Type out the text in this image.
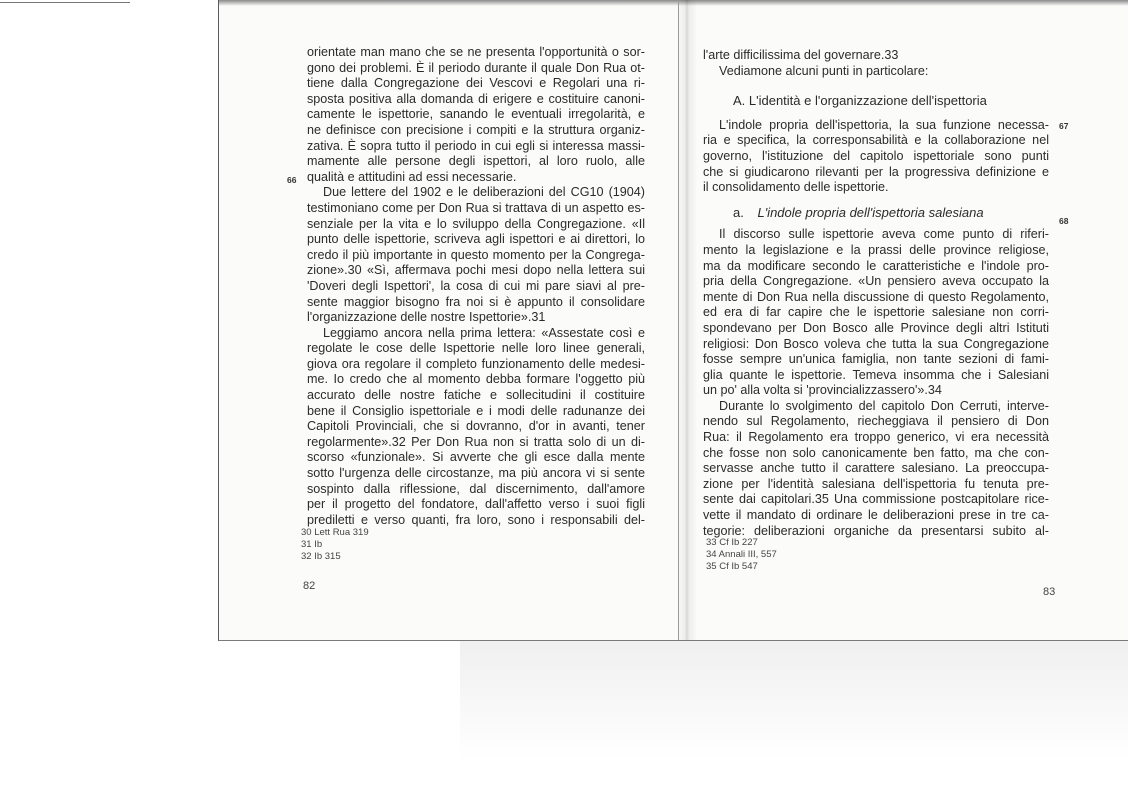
orientate man mano che se ne presenta l'opportunità o sor-
gono dei problemi. È il periodo durante il quale Don Rua ot-
tiene dalla Congregazione dei Vescovi e Regolari una ri-
sposta positiva alla domanda di erigere e costituire canoni-
camente le ispettorie, sanando le eventuali irregolarità, e
ne definisce con precisione i compiti e la struttura organiz-
zativa. È sopra tutto il periodo in cui egli si interessa massi-
mamente alle persone degli ispettori, al loro ruolo, alle
qualità e attitudini ad essi necessarie.
Due lettere del 1902 e le deliberazioni del CG10 (1904)
testimoniano come per Don Rua si trattava di un aspetto es-
senziale per la vita e lo sviluppo della Congregazione. «Il
punto delle ispettorie, scriveva agli ispettori e ai direttori, lo
credo il più importante in questo momento per la Congrega-
zione».30 «Sì, affermava pochi mesi dopo nella lettera sui
'Doveri degli Ispettori', la cosa di cui mi pare siavi al pre-
sente maggior bisogno fra noi si è appunto il consolidare
l'organizzazione delle nostre Ispettorie».31
Leggiamo ancora nella prima lettera: «Assestate così e
regolate le cose delle Ispettorie nelle loro linee generali,
giova ora regolare il completo funzionamento delle medesi-
me. Io credo che al momento debba formare l'oggetto più
accurato delle nostre fatiche e sollecitudini il costituire
bene il Consiglio ispettoriale e i modi delle radunanze dei
Capitoli Provinciali, che si dovranno, d'or in avanti, tener
regolarmente».32 Per Don Rua non si tratta solo di un di-
scorso «funzionale». Si avverte che gli esce dalla mente
sotto l'urgenza delle circostanze, ma più ancora vi si sente
sospinto dalla riflessione, dal discernimento, dall'amore
per il progetto del fondatore, dall'affetto verso i suoi figli
prediletti e verso quanti, fra loro, sono i responsabili del-
66
30 Lett Rua 319
31 Ib
32 Ib 315
82
l'arte difficilissima del governare.33
Vediamone alcuni punti in particolare:
A. L'identità e l'organizzazione dell'ispettoria
L'indole propria dell'ispettoria, la sua funzione necessa-
ria e specifica, la corresponsabilità e la collaborazione nel
governo, l'istituzione del capitolo ispettoriale sono punti
che si giudicarono rilevanti per la progressiva definizione e
il consolidamento delle ispettorie.
a. L'indole propria dell'ispettoria salesiana
Il discorso sulle ispettorie aveva come punto di riferi-
mento la legislazione e la prassi delle province religiose,
ma da modificare secondo le caratteristiche e l'indole pro-
pria della Congregazione. «Un pensiero aveva occupato la
mente di Don Rua nella discussione di questo Regolamento,
ed era di far capire che le ispettorie salesiane non corri-
spondevano per Don Bosco alle Province degli altri Istituti
religiosi: Don Bosco voleva che tutta la sua Congregazione
fosse sempre un'unica famiglia, non tante sezioni di fami-
glia quante le ispettorie. Temeva insomma che i Salesiani
un po' alla volta si 'provincializzassero'».34
Durante lo svolgimento del capitolo Don Cerruti, interve-
nendo sul Regolamento, riecheggiava il pensiero di Don
Rua: il Regolamento era troppo generico, vi era necessità
che fosse non solo canonicamente ben fatto, ma che con-
servasse anche tutto il carattere salesiano. La preoccupa-
zione per l'identità salesiana dell'ispettoria fu tenuta pre-
sente dai capitolari.35 Una commissione postcapitolare rice-
vette il mandato di ordinare le deliberazioni prese in tre ca-
tegorie: deliberazioni organiche da presentarsi subito al-
67
68
33 Cf Ib 227
34 Annali III, 557
35 Cf Ib 547
83
